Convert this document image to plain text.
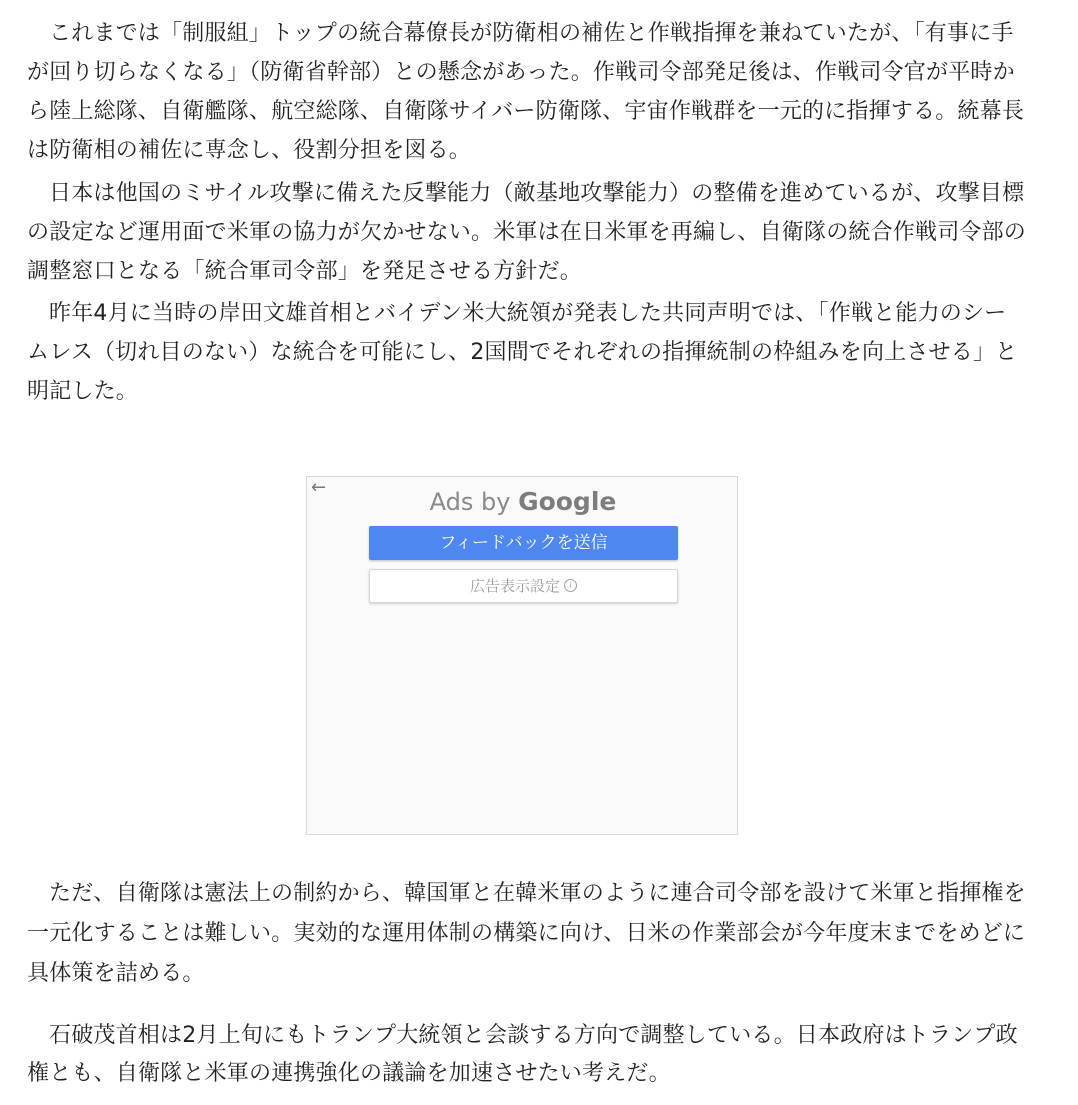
これまでは「制服組」トップの統合幕僚長が防衛相の補佐と作戦指揮を兼ねていたが、「有事に手が回り切らなくなる」（防衛省幹部）との懸念があった。作戦司令部発足後は、作戦司令官が平時から陸上総隊、自衛艦隊、航空総隊、自衛隊サイバー防衛隊、宇宙作戦群を一元的に指揮する。統幕長は防衛相の補佐に専念し、役割分担を図る。

日本は他国のミサイル攻撃に備えた反撃能力（敵基地攻撃能力）の整備を進めているが、攻撃目標の設定など運用面で米軍の協力が欠かせない。米軍は在日米軍を再編し、自衛隊の統合作戦司令部の調整窓口となる「統合軍司令部」を発足させる方針だ。

昨年4月に当時の岸田文雄首相とバイデン米大統領が発表した共同声明では、「作戦と能力のシームレス（切れ目のない）な統合を可能にし、2国間でそれぞれの指揮統制の枠組みを向上させる」と明記した。

ただ、自衛隊は憲法上の制約から、韓国軍と在韓米軍のように連合司令部を設けて米軍と指揮権を一元化することは難しい。実効的な運用体制の構築に向け、日米の作業部会が今年度末までをめどに具体策を詰める。

石破茂首相は2月上旬にもトランプ大統領と会談する方向で調整している。日本政府はトランプ政権とも、自衛隊と米軍の連携強化の議論を加速させたい考えだ。

←
Ads by Google
フィードバックを送信
広告表示設定 i
